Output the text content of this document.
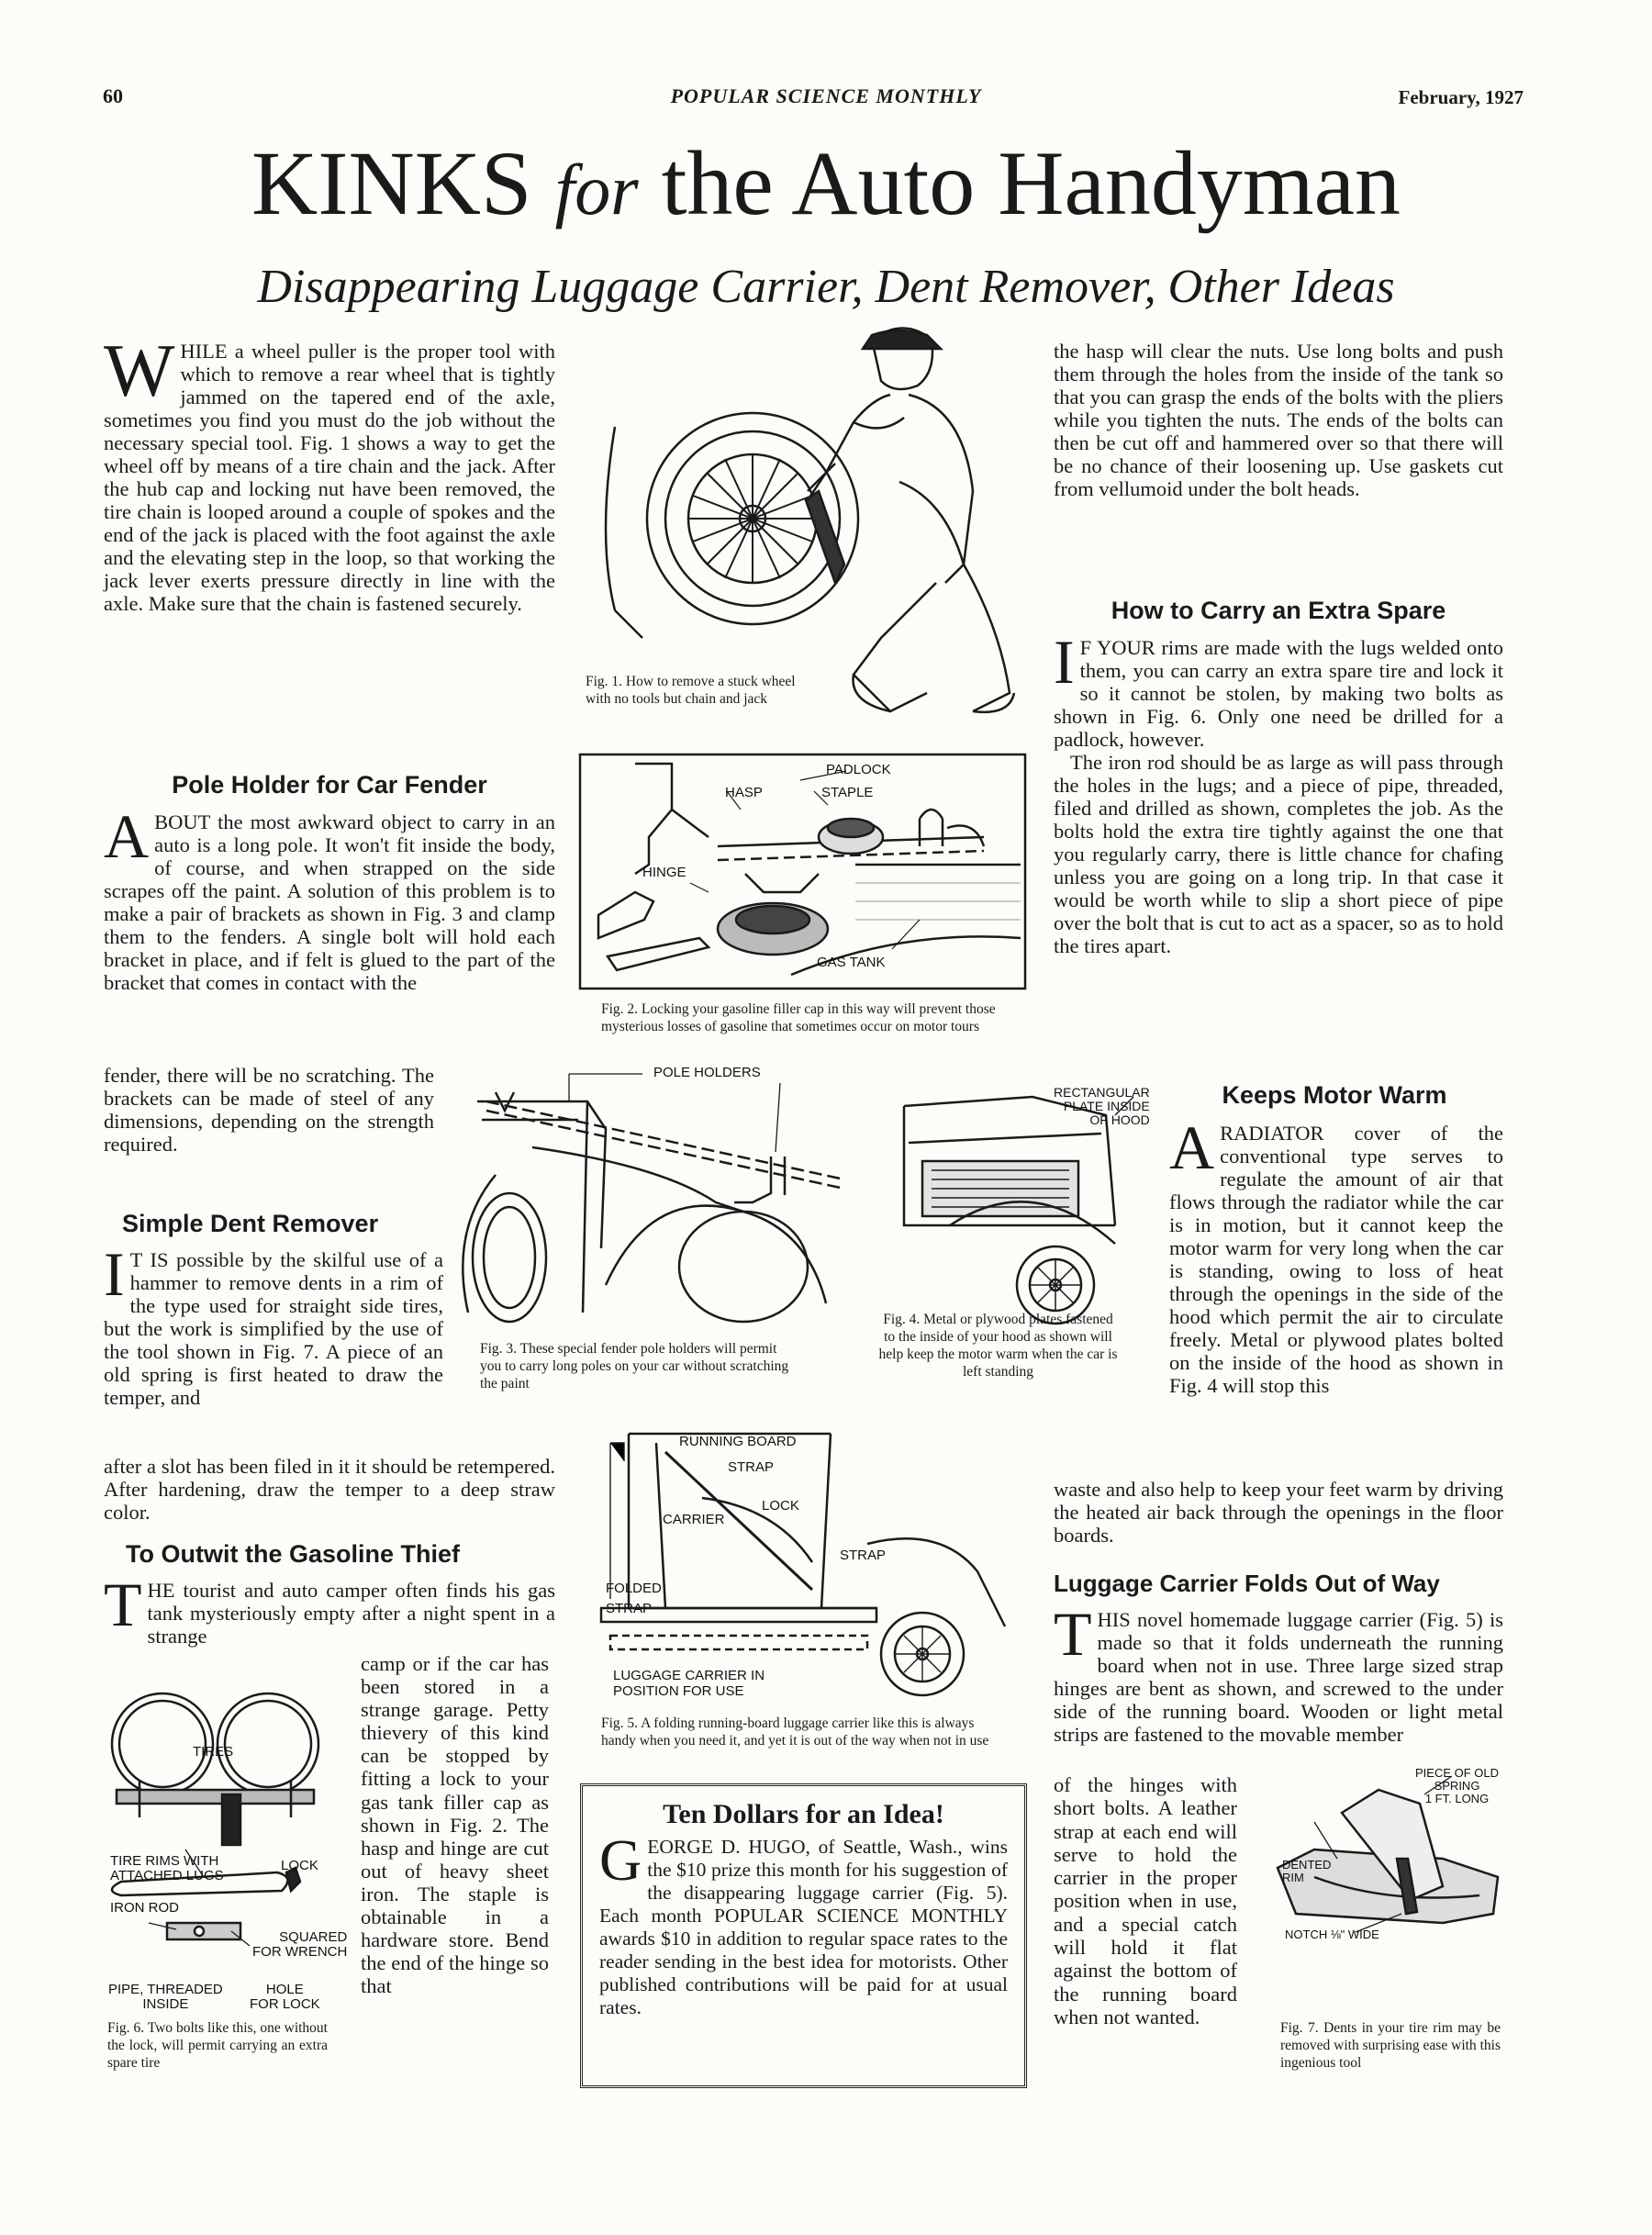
60	POPULAR SCIENCE MONTHLY	February, 1927
KINKS for the Auto Handyman
Disappearing Luggage Carrier, Dent Remover, Other Ideas

WHILE a wheel puller is the proper tool with which to remove a rear wheel that is tightly jammed on the tapered end of the axle, sometimes you find you must do the job without the necessary special tool. Fig. 1 shows a way to get the wheel off by means of a tire chain and the jack. After the hub cap and locking nut have been removed, the tire chain is looped around a couple of spokes and the end of the jack is placed with the foot against the axle and the elevating step in the loop, so that working the jack lever exerts pressure directly in line with the axle. Make sure that the chain is fastened securely.

Pole Holder for Car Fender

ABOUT the most awkward object to carry in an auto is a long pole. It won't fit inside the body, of course, and when strapped on the side scrapes off the paint. A solution of this problem is to make a pair of brackets as shown in Fig. 3 and clamp them to the fenders. A single bolt will hold each bracket in place, and if felt is glued to the part of the bracket that comes in contact with the

fender, there will be no scratching. The brackets can be made of steel of any dimensions, depending on the strength required.

Simple Dent Remover

I T IS possible by the skilful use of a hammer to remove dents in a rim of the type used for straight side tires, but the work is simplified by the use of the tool shown in Fig. 7. A piece of an old spring is first heated to draw the temper, and

after a slot has been filed in it it should be retempered. After hardening, draw the temper to a deep straw color.

To Outwit the Gasoline Thief

THE tourist and auto camper often finds his gas tank mysteriously empty after a night spent in a strange

camp or if the car has been stored in a strange garage. Petty thievery of this kind can be stopped by fitting a lock to your gas tank filler cap as shown in Fig. 2. The hasp and hinge are cut out of heavy sheet iron. The staple is obtainable in a hardware store. Bend the end of the hinge so that

the hasp will clear the nuts. Use long bolts and push them through the holes from the inside of the tank so that you can grasp the ends of the bolts with the pliers while you tighten the nuts. The ends of the bolts can then be cut off and hammered over so that there will be no chance of their loosening up. Use gaskets cut from vellumoid under the bolt heads.

How to Carry an Extra Spare

I F YOUR rims are made with the lugs welded onto them, you can carry an extra spare tire and lock it so it cannot be stolen, by making two bolts as shown in Fig. 6. Only one need be drilled for a padlock, however.

The iron rod should be as large as will pass through the holes in the lugs; and a piece of pipe, threaded, filed and drilled as shown, completes the job. As the bolts hold the extra tire tightly against the one that you regularly carry, there is little chance for chafing unless you are going on a long trip. In that case it would be worth while to slip a short piece of pipe over the bolt that is cut to act as a spacer, so as to hold the tires apart.

Keeps Motor Warm

ARADIATOR cover of the conventional type serves to regulate the amount of air that flows through the radiator while the car is in motion, but it cannot keep the motor warm for very long when the car is standing, owing to loss of heat through the openings in the side of the hood which permit the air to circulate freely. Metal or plywood plates bolted on the inside of the hood as shown in Fig. 4 will stop this

waste and also help to keep your feet warm by driving the heated air back through the openings in the floor boards.

Luggage Carrier Folds Out of Way

THIS novel homemade luggage carrier (Fig. 5) is made so that it folds underneath the running board when not in use. Three large sized strap hinges are bent as shown, and screwed to the under side of the running board. Wooden or light metal strips are fastened to the movable member

of the hinges with short bolts. A leather strap at each end will serve to hold the carrier in the proper position when in use, and a special catch will hold it flat against the bottom of the running board when not wanted.

Ten Dollars for an Idea!
GEORGE D. HUGO, of Seattle, Wash., wins the $10 prize this month for his suggestion of the disappearing luggage carrier (Fig. 5). Each month POPULAR SCIENCE MONTHLY awards $10 in addition to regular space rates to the reader sending in the best idea for motorists. Other published contributions will be paid for at usual rates.
Fig. 1. How to remove a stuck wheel with no tools but chain and jack
PADLOCK
HASP	STAPLE
HINGE
GAS TANK
Fig. 2. Locking your gasoline filler cap in this way will prevent those mysterious losses of gasoline that sometimes occur on motor tours
POLE HOLDERS
Fig. 3. These special fender pole holders will permit you to carry long poles on your car without scratching the paint
RECTANGULAR
PLATE INSIDE
OF HOOD
Fig. 4. Metal or plywood plates fastened to the inside of your hood as shown will help keep the motor warm when the car is left standing
RUNNING BOARD
STRAP
CARRIER
LOCK
STRAP
FOLDED
STRAP
LUGGAGE CARRIER IN
POSITION FOR USE
Fig. 5. A folding running-board luggage carrier like this is always handy when you need it, and yet it is out of the way when not in use
TIRES
TIRE RIMS WITH
ATTACHED LUGS
LOCK
IRON ROD
SQUARED
FOR WRENCH
PIPE, THREADED
INSIDE
HOLE
FOR LOCK
Fig. 6. Two bolts like this, one without the lock, will permit carrying an extra spare tire
PIECE OF OLD
SPRING
1 FT. LONG
DENTED
RIM
NOTCH ⅛" WIDE
Fig. 7. Dents in your tire rim may be removed with surprising ease with this ingenious tool
